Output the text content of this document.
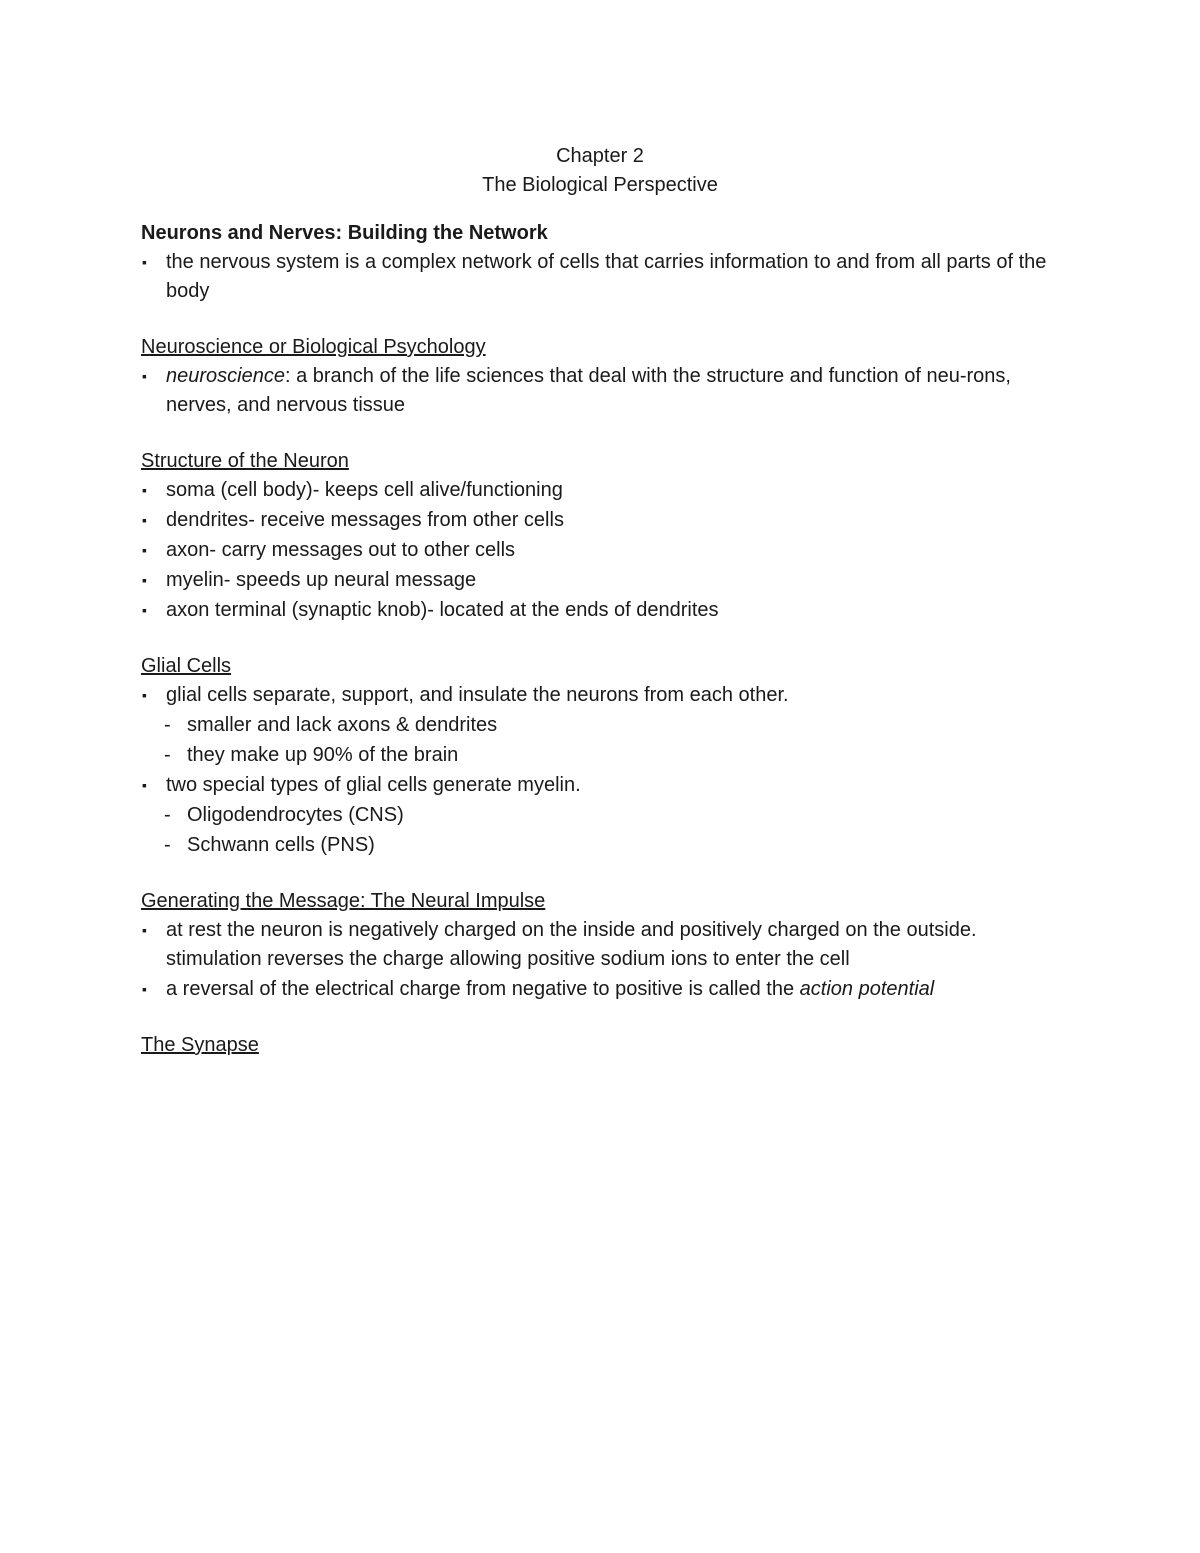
Chapter 2
The Biological Perspective

Neurons and Nerves: Building the Network

▪ the nervous system is a complex network of cells that carries information to and from all parts of the body

Neuroscience or Biological Psychology

▪ neuroscience: a branch of the life sciences that deal with the structure and function of neu-rons, nerves, and nervous tissue

Structure of the Neuron

▪ soma (cell body)- keeps cell alive/functioning
▪ dendrites- receive messages from other cells
▪ axon- carry messages out to other cells
▪ myelin- speeds up neural message
▪ axon terminal (synaptic knob)- located at the ends of dendrites

Glial Cells

▪ glial cells separate, support, and insulate the neurons from each other.
- smaller and lack axons & dendrites
- they make up 90% of the brain
▪ two special types of glial cells generate myelin.
- Oligodendrocytes (CNS)
- Schwann cells (PNS)

Generating the Message: The Neural Impulse

▪ at rest the neuron is negatively charged on the inside and positively charged on the outside. stimulation reverses the charge allowing positive sodium ions to enter the cell
▪ a reversal of the electrical charge from negative to positive is called the action potential

The Synapse
